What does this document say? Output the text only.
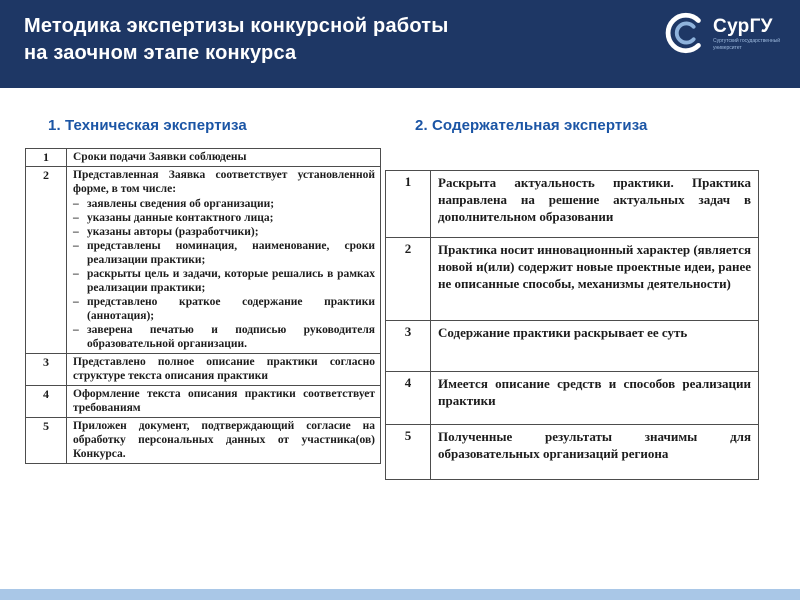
Методика экспертизы конкурсной работы
на заочном этапе конкурса
СурГУ
Сургутский государственный
университет
1. Техническая экспертиза
1	Сроки подачи Заявки соблюдены

2	Представленная Заявка соответствует установленной форме, в том числе:
– заявлены сведения об организации;
– указаны данные контактного лица;
– указаны авторы (разработчики);
– представлены номинация, наименование, сроки реализации практики;
– раскрыты цель и задачи, которые решались в рамках реализации практики;
– представлено краткое содержание практики (аннотация);
– заверена печатью и подписью руководителя образовательной организации.

3	Представлено полное описание практики согласно структуре текста описания практики

4	Оформление текста описания практики соответствует требованиям

5	Приложен документ, подтверждающий согласие на обработку персональных данных от участника(ов) Конкурса.
2. Содержательная экспертиза
1	Раскрыта актуальность практики. Практика направлена на решение актуальных задач в дополнительном образовании

2	Практика носит инновационный характер (является новой и(или) содержит новые проектные идеи, ранее не описанные способы, механизмы деятельности)

3	Содержание практики раскрывает ее суть

4	Имеется описание средств и способов реализации практики

5	Полученные результаты значимы для образовательных организаций региона
